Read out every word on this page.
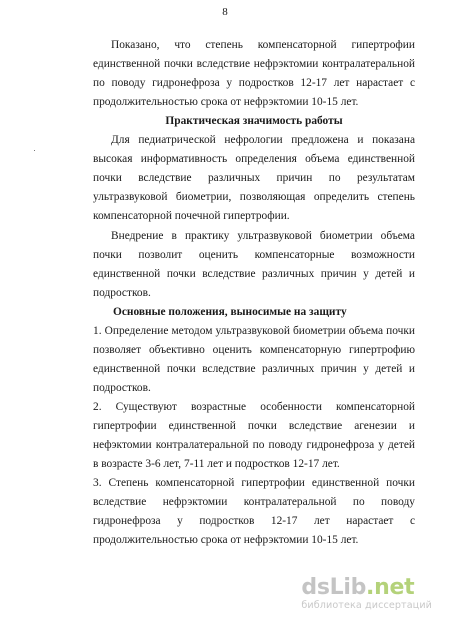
8

Показано, что степень компенсаторной гипертрофии единственной почки вследствие нефрэктомии контралатеральной по поводу гидронефроза у подростков 12-17 лет нарастает с продолжительностью срока от нефрэктомии 10-15 лет.

Практическая значимость работы

Для педиатрической нефрологии предложена и показана высокая информативность определения объема единственной почки вследствие различных причин по результатам ультразвуковой биометрии, позволяющая определить степень компенсаторной почечной гипертрофии.

Внедрение в практику ультразвуковой биометрии объема почки позволит оценить компенсаторные возможности единственной почки вследствие различных причин у детей и подростков.

Основные положения, выносимые на защиту

1. Определение методом ультразвуковой биометрии объема почки позволяет объективно оценить компенсаторную гипертрофию единственной почки вследствие различных причин у детей и подростков.

2. Существуют возрастные особенности компенсаторной гипертрофии единственной почки вследствие агенезии и нефэктомии контралатеральной по поводу гидронефроза у детей в возрасте 3-6 лет, 7-11 лет и подростков 12-17 лет.

3. Степень компенсаторной гипертрофии единственной почки вследствие нефрэктомии контралатеральной по поводу гидронефроза у подростков 12-17 лет нарастает с продолжительностью срока от нефрэктомии 10-15 лет.

dsLib.net
библиотека диссертаций
